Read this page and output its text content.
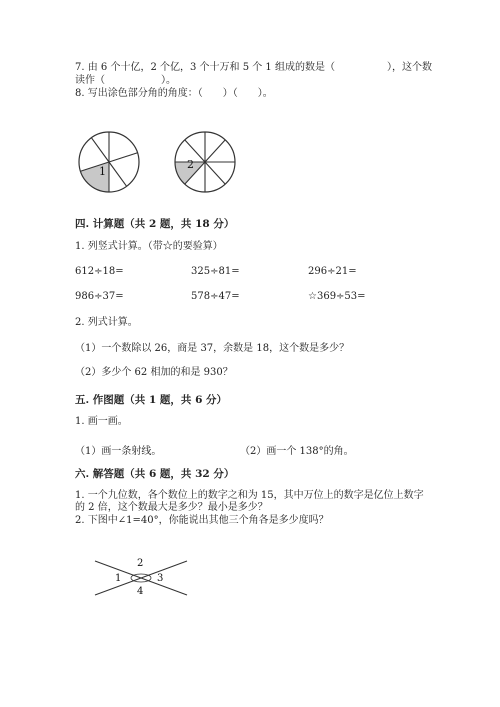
7. 由 6 个十亿，2 个亿，3 个十万和 5 个 1 组成的数是（	），这个数
读作（	）。
8. 写出涂色部分角的角度：（　　）（　　）。
1
2
四. 计算题（共 2 题，共 18 分）
1. 列竖式计算。（带☆的要验算）
612÷18=	325÷81=	296÷21=
986÷37=	578÷47=	☆369÷53=
2. 列式计算。
（1）一个数除以 26，商是 37，余数是 18，这个数是多少？
（2）多少个 62 相加的和是 930？
五. 作图题（共 1 题，共 6 分）
1. 画一画。
（1）画一条射线。	（2）画一个 138°的角。
六. 解答题（共 6 题，共 32 分）
1. 一个九位数，各个数位上的数字之和为 15，其中万位上的数字是亿位上数字
的 2 倍，这个数最大是多少？最小是多少？
2. 下图中∠1=40°，你能说出其他三个角各是多少度吗？
2
1	3
4
